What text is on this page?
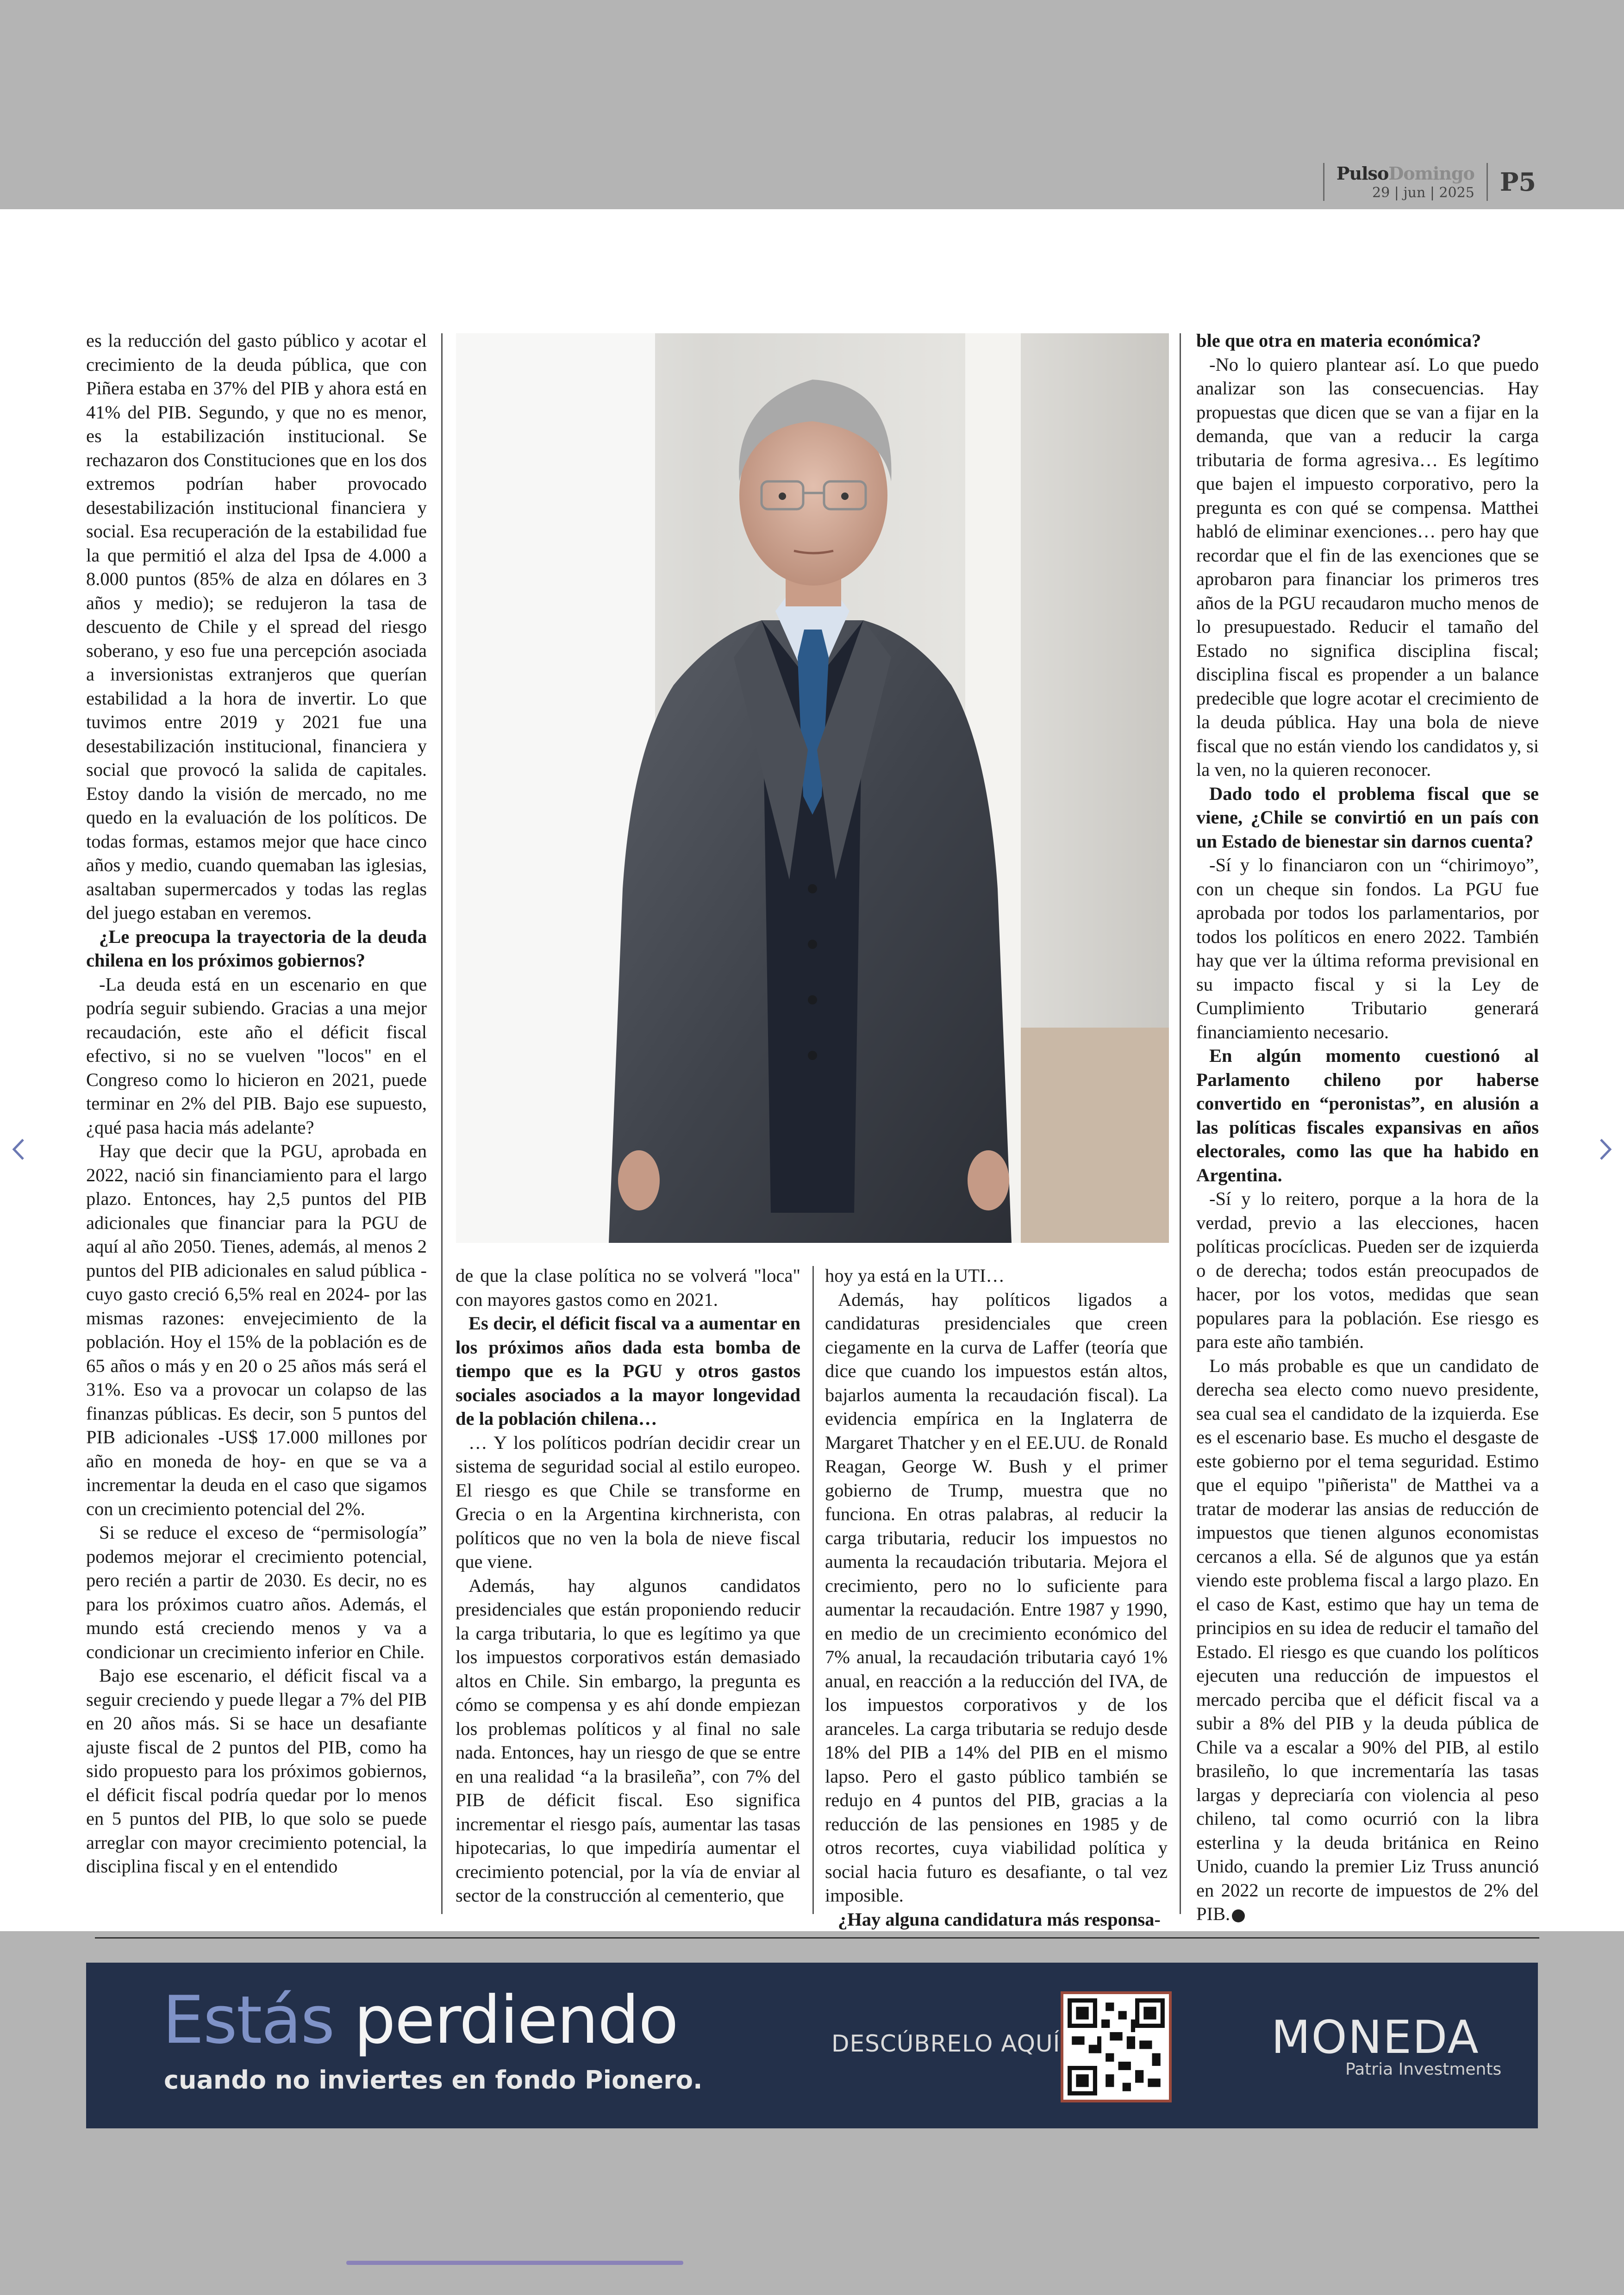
PulsoDomingo
29 | jun | 2025 P5

es la reducción del gasto público y acotar el crecimiento de la deuda pública, que con Piñera estaba en 37% del PIB y ahora está en 41% del PIB. Segundo, y que no es menor, es la estabilización institucional. Se rechazaron dos Constituciones que en los dos extremos podrían haber provocado desestabilización institucional financiera y social. Esa recuperación de la estabilidad fue la que permitió el alza del Ipsa de 4.000 a 8.000 puntos (85% de alza en dólares en 3 años y medio); se redujeron la tasa de descuento de Chile y el spread del riesgo soberano, y eso fue una percepción asociada a inversionistas extranjeros que querían estabilidad a la hora de invertir. Lo que tuvimos entre 2019 y 2021 fue una desestabilización institucional, financiera y social que provocó la salida de capitales. Estoy dando la visión de mercado, no me quedo en la evaluación de los políticos. De todas formas, estamos mejor que hace cinco años y medio, cuando quemaban las iglesias, asaltaban supermercados y todas las reglas del juego estaban en veremos.

¿Le preocupa la trayectoria de la deuda chilena en los próximos gobiernos?

-La deuda está en un escenario en que podría seguir subiendo. Gracias a una mejor recaudación, este año el déficit fiscal efectivo, si no se vuelven "locos" en el Congreso como lo hicieron en 2021, puede terminar en 2% del PIB. Bajo ese supuesto, ¿qué pasa hacia más adelante?

Hay que decir que la PGU, aprobada en 2022, nació sin financiamiento para el largo plazo. Entonces, hay 2,5 puntos del PIB adicionales que financiar para la PGU de aquí al año 2050. Tienes, además, al menos 2 puntos del PIB adicionales en salud pública -cuyo gasto creció 6,5% real en 2024- por las mismas razones: envejecimiento de la población. Hoy el 15% de la población es de 65 años o más y en 20 o 25 años más será el 31%. Eso va a provocar un colapso de las finanzas públicas. Es decir, son 5 puntos del PIB adicionales -US$ 17.000 millones por año en moneda de hoy- en que se va a incrementar la deuda en el caso que sigamos con un crecimiento potencial del 2%.

Si se reduce el exceso de “permisología” podemos mejorar el crecimiento potencial, pero recién a partir de 2030. Es decir, no es para los próximos cuatro años. Además, el mundo está creciendo menos y va a condicionar un crecimiento inferior en Chile.

Bajo ese escenario, el déficit fiscal va a seguir creciendo y puede llegar a 7% del PIB en 20 años más. Si se hace un desafiante ajuste fiscal de 2 puntos del PIB, como ha sido propuesto para los próximos gobiernos, el déficit fiscal podría quedar por lo menos en 5 puntos del PIB, lo que solo se puede arreglar con mayor crecimiento potencial, la disciplina fiscal y en el entendido

de que la clase política no se volverá "loca" con mayores gastos como en 2021.

Es decir, el déficit fiscal va a aumentar en los próximos años dada esta bomba de tiempo que es la PGU y otros gastos sociales asociados a la mayor longevidad de la población chilena…

… Y los políticos podrían decidir crear un sistema de seguridad social al estilo europeo. El riesgo es que Chile se transforme en Grecia o en la Argentina kirchnerista, con políticos que no ven la bola de nieve fiscal que viene.

Además, hay algunos candidatos presidenciales que están proponiendo reducir la carga tributaria, lo que es legítimo ya que los impuestos corporativos están demasiado altos en Chile. Sin embargo, la pregunta es cómo se compensa y es ahí donde empiezan los problemas políticos y al final no sale nada. Entonces, hay un riesgo de que se entre en una realidad “a la brasileña”, con 7% del PIB de déficit fiscal. Eso significa incrementar el riesgo país, aumentar las tasas hipotecarias, lo que impediría aumentar el crecimiento potencial, por la vía de enviar al sector de la construcción al cementerio, que

hoy ya está en la UTI…

Además, hay políticos ligados a candidaturas presidenciales que creen ciegamente en la curva de Laffer (teoría que dice que cuando los impuestos están altos, bajarlos aumenta la recaudación fiscal). La evidencia empírica en la Inglaterra de Margaret Thatcher y en el EE.UU. de Ronald Reagan, George W. Bush y el primer gobierno de Trump, muestra que no funciona. En otras palabras, al reducir la carga tributaria, reducir los impuestos no aumenta la recaudación tributaria. Mejora el crecimiento, pero no lo suficiente para aumentar la recaudación. Entre 1987 y 1990, en medio de un crecimiento económico del 7% anual, la recaudación tributaria cayó 1% anual, en reacción a la reducción del IVA, de los impuestos corporativos y de los aranceles. La carga tributaria se redujo desde 18% del PIB a 14% del PIB en el mismo lapso. Pero el gasto público también se redujo en 4 puntos del PIB, gracias a la reducción de las pensiones en 1985 y de otros recortes, cuya viabilidad política y social hacia futuro es desafiante, o tal vez imposible.

¿Hay alguna candidatura más responsa-

ble que otra en materia económica?

-No lo quiero plantear así. Lo que puedo analizar son las consecuencias. Hay propuestas que dicen que se van a fijar en la demanda, que van a reducir la carga tributaria de forma agresiva… Es legítimo que bajen el impuesto corporativo, pero la pregunta es con qué se compensa. Matthei habló de eliminar exenciones… pero hay que recordar que el fin de las exenciones que se aprobaron para financiar los primeros tres años de la PGU recaudaron mucho menos de lo presupuestado. Reducir el tamaño del Estado no significa disciplina fiscal; disciplina fiscal es propender a un balance predecible que logre acotar el crecimiento de la deuda pública. Hay una bola de nieve fiscal que no están viendo los candidatos y, si la ven, no la quieren reconocer.

Dado todo el problema fiscal que se viene, ¿Chile se convirtió en un país con un Estado de bienestar sin darnos cuenta?

-Sí y lo financiaron con un “chirimoyo”, con un cheque sin fondos. La PGU fue aprobada por todos los parlamentarios, por todos los políticos en enero 2022. También hay que ver la última reforma previsional en su impacto fiscal y si la Ley de Cumplimiento Tributario generará financiamiento necesario.

En algún momento cuestionó al Parlamento chileno por haberse convertido en “peronistas”, en alusión a las políticas fiscales expansivas en años electorales, como las que ha habido en Argentina.

-Sí y lo reitero, porque a la hora de la verdad, previo a las elecciones, hacen políticas procíclicas. Pueden ser de izquierda o de derecha; todos están preocupados de hacer, por los votos, medidas que sean populares para la población. Ese riesgo es para este año también.

Lo más probable es que un candidato de derecha sea electo como nuevo presidente, sea cual sea el candidato de la izquierda. Ese es el escenario base. Es mucho el desgaste de este gobierno por el tema seguridad. Estimo que el equipo "piñerista" de Matthei va a tratar de moderar las ansias de reducción de impuestos que tienen algunos economistas cercanos a ella. Sé de algunos que ya están viendo este problema fiscal a largo plazo. En el caso de Kast, estimo que hay un tema de principios en su idea de reducir el tamaño del Estado. El riesgo es que cuando los políticos ejecuten una reducción de impuestos el mercado perciba que el déficit fiscal va a subir a 8% del PIB y la deuda pública de Chile va a escalar a 90% del PIB, al estilo brasileño, lo que incrementaría las tasas largas y depreciaría con violencia al peso chileno, tal como ocurrió con la libra esterlina y la deuda británica en Reino Unido, cuando la premier Liz Truss anunció en 2022 un recorte de impuestos de 2% del PIB.

Estás perdiendo
cuando no inviertes en fondo Pionero.
DESCÚBRELO AQUÍ	MONEDA
Patria Investments
